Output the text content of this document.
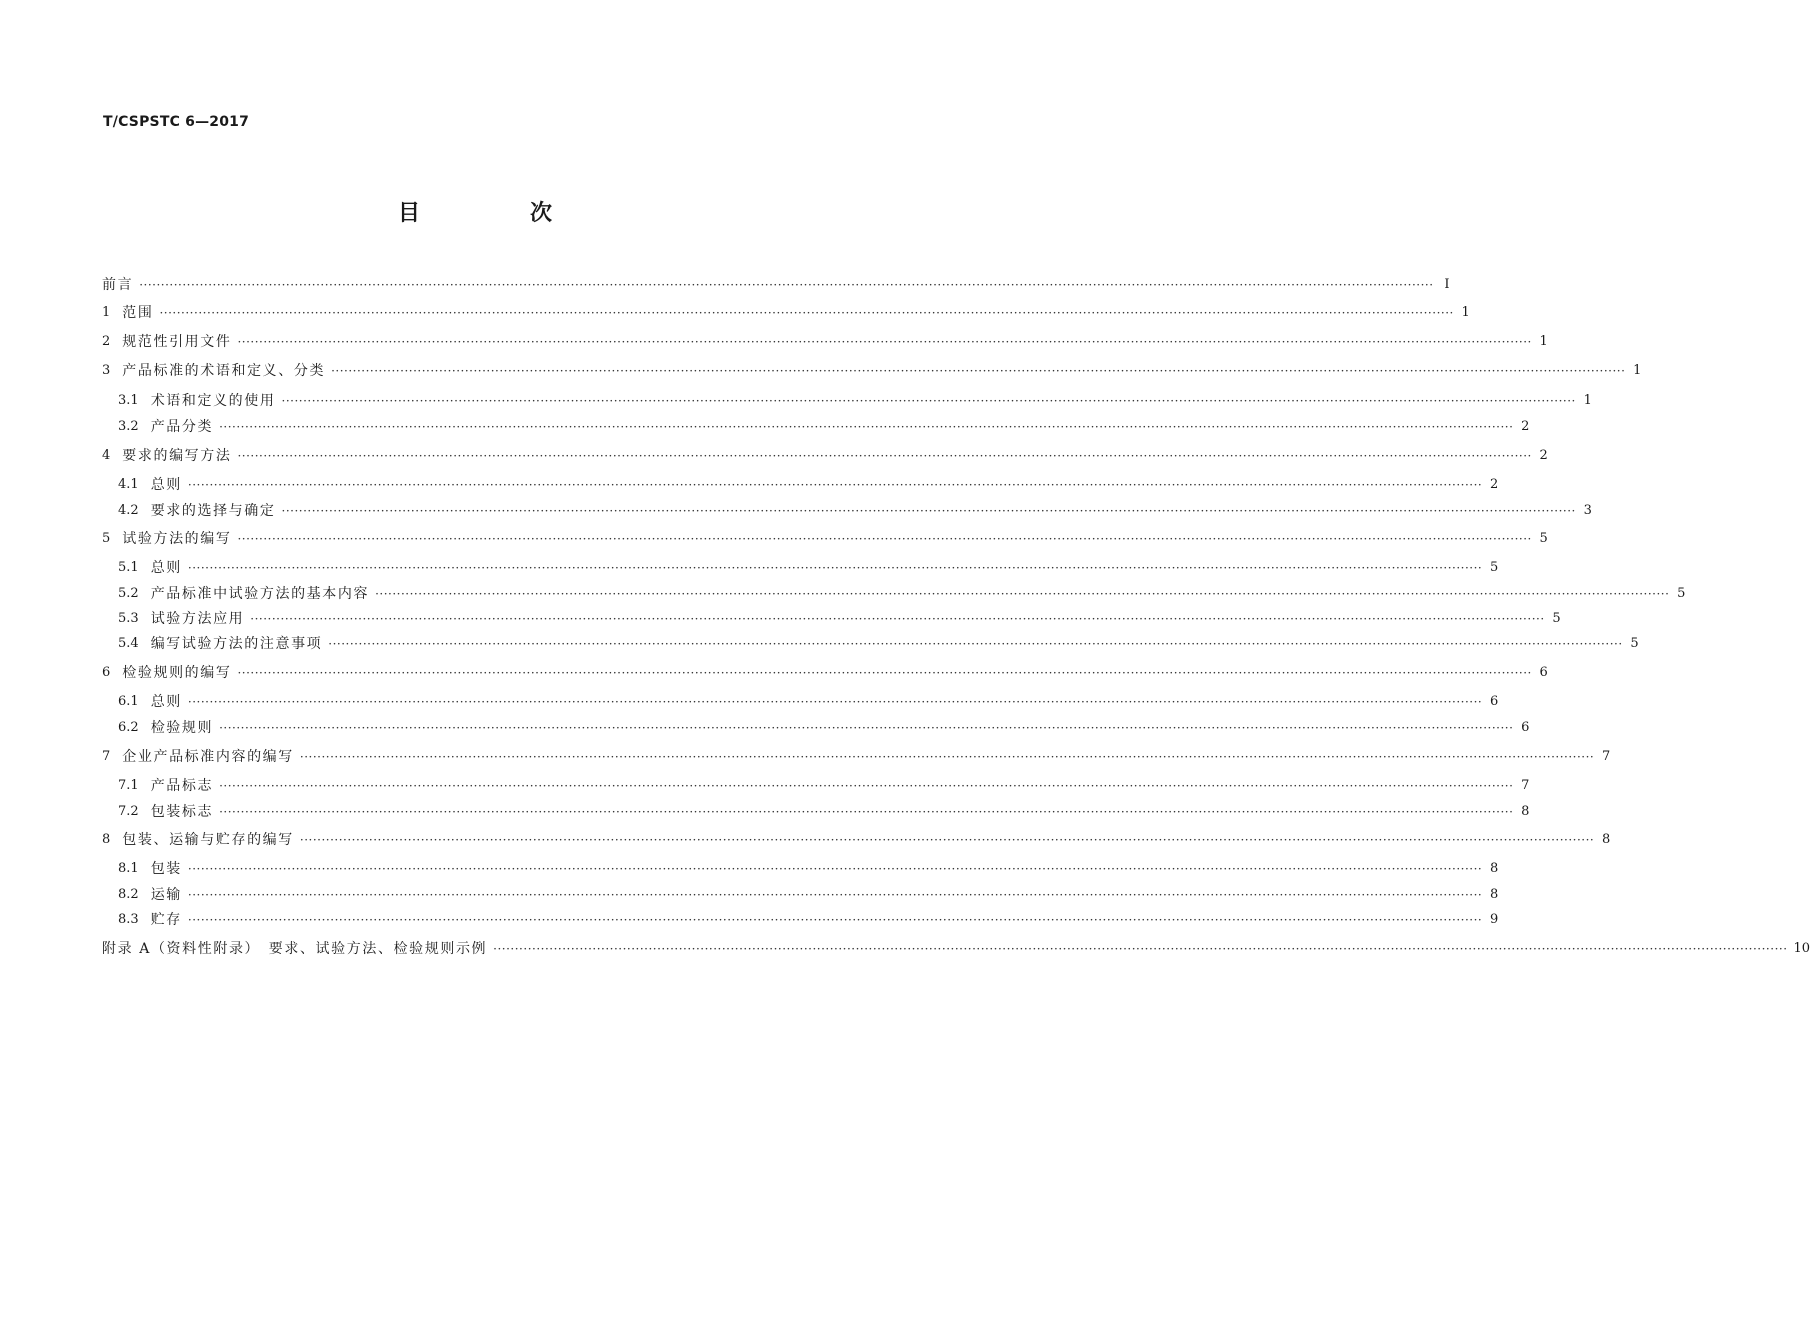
T/CSPSTC 6—2017
目　次
前言 ············································································································································································································································································································ Ⅰ
1 范围 ············································································································································································································································································································ 1
2 规范性引用文件 ············································································································································································································································································································ 1
3 产品标准的术语和定义、分类 ············································································································································································································································································································ 1
3.1 术语和定义的使用 ············································································································································································································································································································ 1
3.2 产品分类 ············································································································································································································································································································ 2
4 要求的编写方法 ············································································································································································································································································································ 2
4.1 总则 ············································································································································································································································································································ 2
4.2 要求的选择与确定 ············································································································································································································································································································ 3
5 试验方法的编写 ············································································································································································································································································································ 5
5.1 总则 ············································································································································································································································································································ 5
5.2 产品标准中试验方法的基本内容 ············································································································································································································································································································ 5
5.3 试验方法应用 ············································································································································································································································································································ 5
5.4 编写试验方法的注意事项 ············································································································································································································································································································ 5
6 检验规则的编写 ············································································································································································································································································································ 6
6.1 总则 ············································································································································································································································································································ 6
6.2 检验规则 ············································································································································································································································································································ 6
7 企业产品标准内容的编写 ············································································································································································································································································································ 7
7.1 产品标志 ············································································································································································································································································································ 7
7.2 包装标志 ············································································································································································································································································································ 8
8 包装、运输与贮存的编写 ············································································································································································································································································································ 8
8.1 包装 ············································································································································································································································································································ 8
8.2 运输 ············································································································································································································································································································ 8
8.3 贮存 ············································································································································································································································································································ 9
附录 A（资料性附录）　要求、试验方法、检验规则示例 ············································································································································································································································································································ 10
